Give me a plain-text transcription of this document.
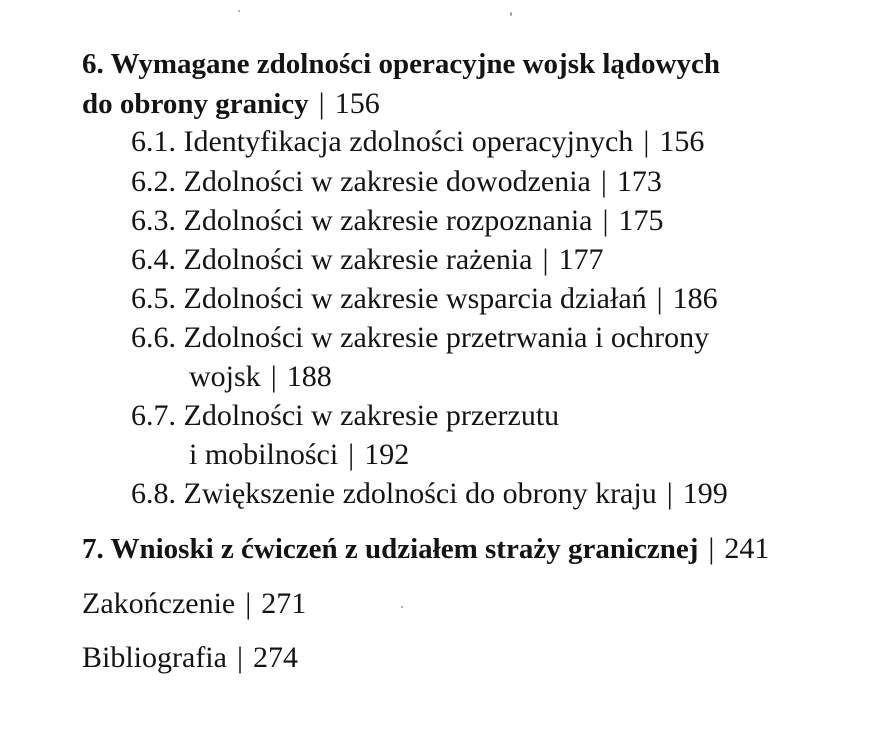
6. Wymagane zdolności operacyjne wojsk lądowych
do obrony granicy | 156
6.1. Identyfikacja zdolności operacyjnych | 156
6.2. Zdolności w zakresie dowodzenia | 173
6.3. Zdolności w zakresie rozpoznania | 175
6.4. Zdolności w zakresie rażenia | 177
6.5. Zdolności w zakresie wsparcia działań | 186
6.6. Zdolności w zakresie przetrwania i ochrony
wojsk | 188
6.7. Zdolności w zakresie przerzutu
i mobilności | 192
6.8. Zwiększenie zdolności do obrony kraju | 199
7. Wnioski z ćwiczeń z udziałem straży granicznej | 241
Zakończenie | 271
Bibliografia | 274
